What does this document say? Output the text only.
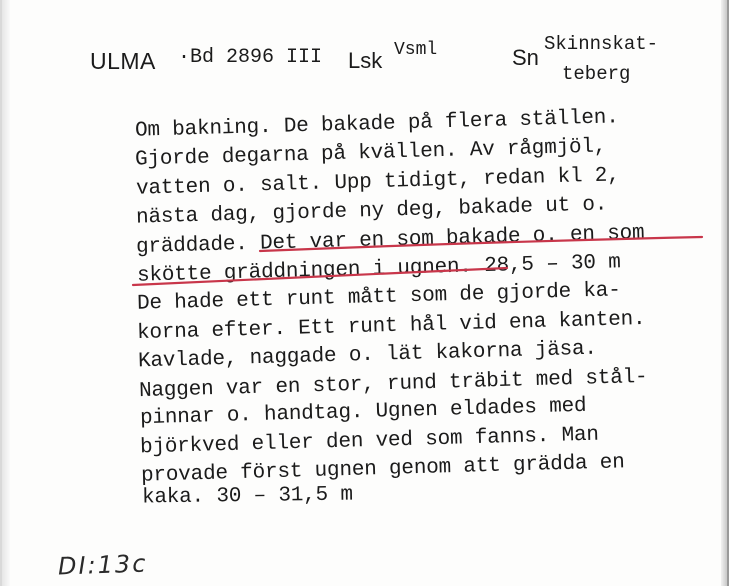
ULMA ·Bd 2896 III Lsk Vsml	Sn
Skinnskat-
teberg
Om bakning. De bakade på flera ställen.
Gjorde degarna på kvällen. Av rågmjöl,
vatten o. salt. Upp tidigt, redan kl 2,
nästa dag, gjorde ny deg, bakade ut o.
gräddade. Det var en som bakade o. en som
skötte gräddningen i ugnen. 28,5 – 30 m
De hade ett runt mått som de gjorde ka-
korna efter. Ett runt hål vid ena kanten.
Kavlade, naggade o. lät kakorna jäsa.
Naggen var en stor, rund träbit med stål-
pinnar o. handtag. Ugnen eldades med
björkved eller den ved som fanns. Man
provade först ugnen genom att grädda en
kaka. 30 – 31,5 m
DI:13c
